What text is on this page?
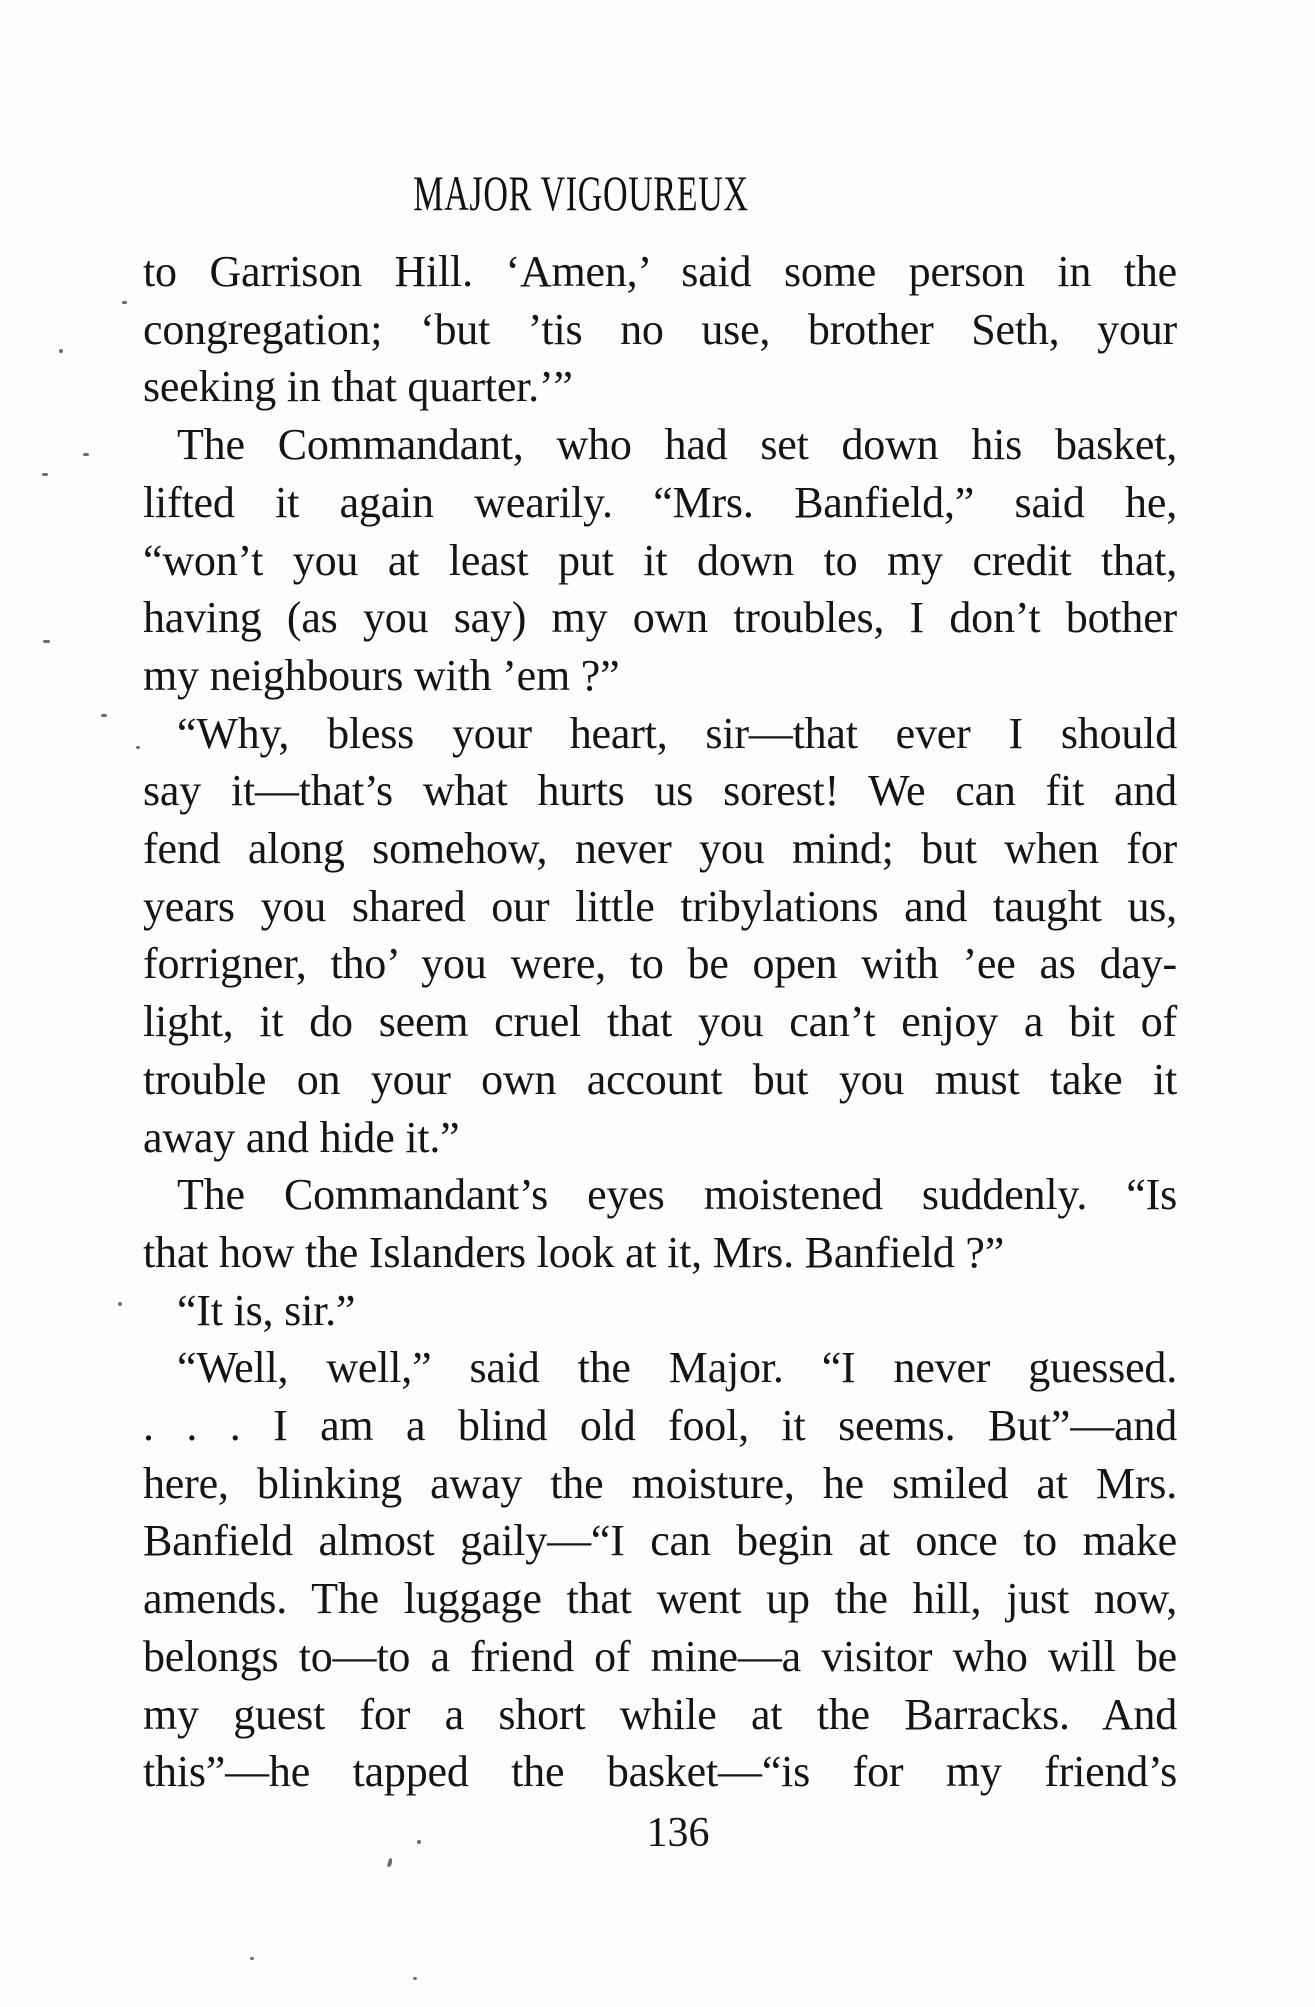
MAJOR VIGOUREUX
to Garrison Hill. ‘Amen,’ said some person in the
congregation; ‘but ’tis no use, brother Seth, your
seeking in that quarter.’”
The Commandant, who had set down his basket,
lifted it again wearily. “Mrs. Banfield,” said he,
“won’t you at least put it down to my credit that,
having (as you say) my own troubles, I don’t bother
my neighbours with ’em ?”
“Why, bless your heart, sir—that ever I should
say it—that’s what hurts us sorest! We can fit and
fend along somehow, never you mind; but when for
years you shared our little tribylations and taught us,
forrigner, tho’ you were, to be open with ’ee as day-
light, it do seem cruel that you can’t enjoy a bit of
trouble on your own account but you must take it
away and hide it.”
The Commandant’s eyes moistened suddenly. “Is
that how the Islanders look at it, Mrs. Banfield ?”
“It is, sir.”
“Well, well,” said the Major. “I never guessed.
. . . I am a blind old fool, it seems. But”—and
here, blinking away the moisture, he smiled at Mrs.
Banfield almost gaily—“I can begin at once to make
amends. The luggage that went up the hill, just now,
belongs to—to a friend of mine—a visitor who will be
my guest for a short while at the Barracks. And
this”—he tapped the basket—“is for my friend’s
136
